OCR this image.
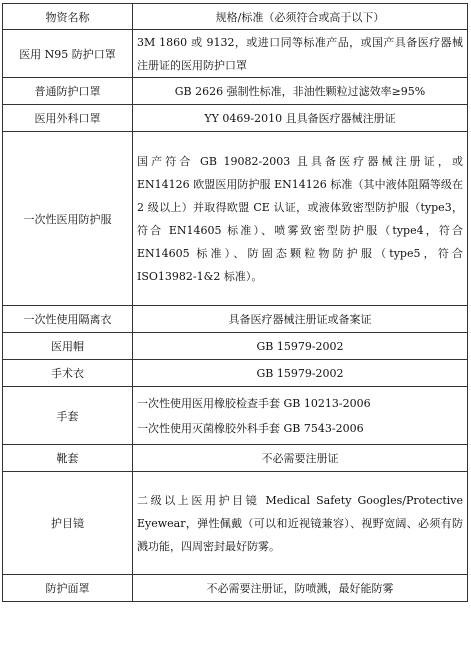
物资名称	规格/标准（必须符合或高于以下）
医用 N95 防护口罩	3M 1860 或 9132，或进口同等标准产品，或国产具备医疗器械注册证的医用防护口罩
普通防护口罩	GB 2626 强制性标准，非油性颗粒过滤效率≥95%
医用外科口罩	YY 0469-2010 且具备医疗器械注册证
一次性医用防护服	国产符合 GB 19082-2003 且具备医疗器械注册证，或 EN14126 欧盟医用防护服 EN14126 标准（其中液体阻隔等级在 2 级以上）并取得欧盟 CE 认证，或液体致密型防护服（type3，符合 EN14605 标准）、喷雾致密型防护服（type4，符合 EN14605 标准）、防固态颗粒物防护服（type5，符合 ISO13982-1&2 标准）。
一次性使用隔离衣	具备医疗器械注册证或备案证
医用帽	GB 15979-2002
手术衣	GB 15979-2002
手套	一次性使用医用橡胶检查手套 GB 10213-2006
一次性使用灭菌橡胶外科手套 GB 7543-2006

靴套	不必需要注册证
护目镜	二级以上医用护目镜 Medical Safety Googles/Protective Eyewear，弹性佩戴（可以和近视镜兼容）、视野宽阔、必须有防溅功能，四周密封最好防雾。
防护面罩	不必需要注册证，防喷溅，最好能防雾
